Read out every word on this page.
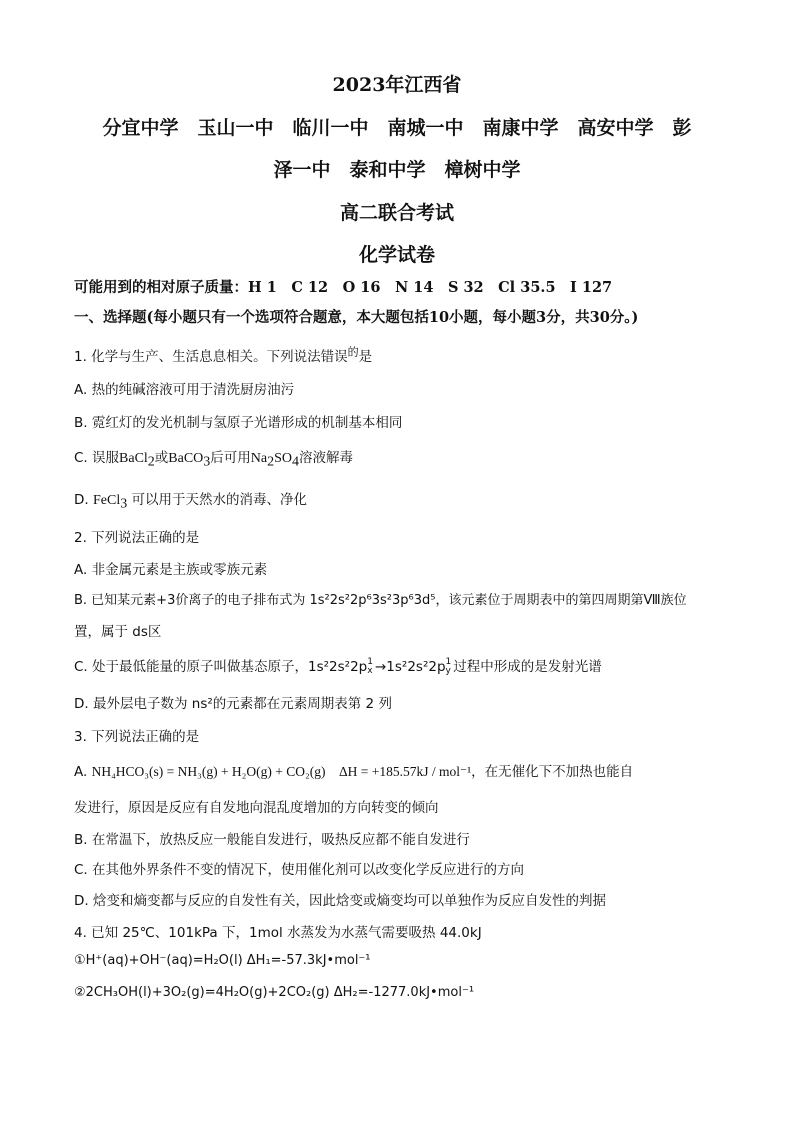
2023年江西省
分宜中学　玉山一中　临川一中　南城一中　南康中学　高安中学　彭
泽一中　泰和中学　樟树中学
高二联合考试
化学试卷
可能用到的相对原子质量：H 1　C 12　O 16　N 14　S 32　Cl 35.5　I 127
一、选择题(每小题只有一个选项符合题意，本大题包括10小题，每小题3分，共30分。)
1. 化学与生产、生活息息相关。下列说法错误$^的$是
A. 热的纯碱溶液可用于清洗厨房油污
B. 霓红灯的发光机制与氢原子光谱形成的机制基本相同
C. 误服BaCl$_2$或BaCO$_3$后可用$Na_2SO_4$溶液解毒
D. FeCl$_3$ 可以用于天然水的消毒、净化
2. 下列说法正确的是
A. 非金属元素是主族或零族元素
B. 已知某元素+3价离子的电子排布式为 1s²2s²2p⁶3s²3p⁶3d⁵，该元素位于周期表中的第四周期第Ⅷ族位
置，属于 ds区
C. 处于最低能量的原子叫做基态原子，1s²2s²2p 1
x →1s²2s²2p 1
y 过程中形成的是发射光谱
D. 最外层电子数为 ns²的元素都在元素周期表第 2 列
3. 下列说法正确的是
A. NH₄HCO₃(s) = NH₃(g) + H₂O(g) + CO₂(g)　ΔH = +185.57kJ / mol⁻¹，在无催化下不加热也能自
发进行，原因是反应有自发地向混乱度增加的方向转变的倾向
B. 在常温下，放热反应一般能自发进行，吸热反应都不能自发进行
C. 在其他外界条件不变的情况下，使用催化剂可以改变化学反应进行的方向
D. 焓变和熵变都与反应的自发性有关，因此焓变或熵变均可以单独作为反应自发性的判据
4. 已知 25℃、101kPa 下，1mol 水蒸发为水蒸气需要吸热 44.0kJ
①H⁺(aq)+OH⁻(aq)=H₂O(l) ΔH₁=-57.3kJ•mol⁻¹
②2CH₃OH(l)+3O₂(g)=4H₂O(g)+2CO₂(g) ΔH₂=-1277.0kJ•mol⁻¹
